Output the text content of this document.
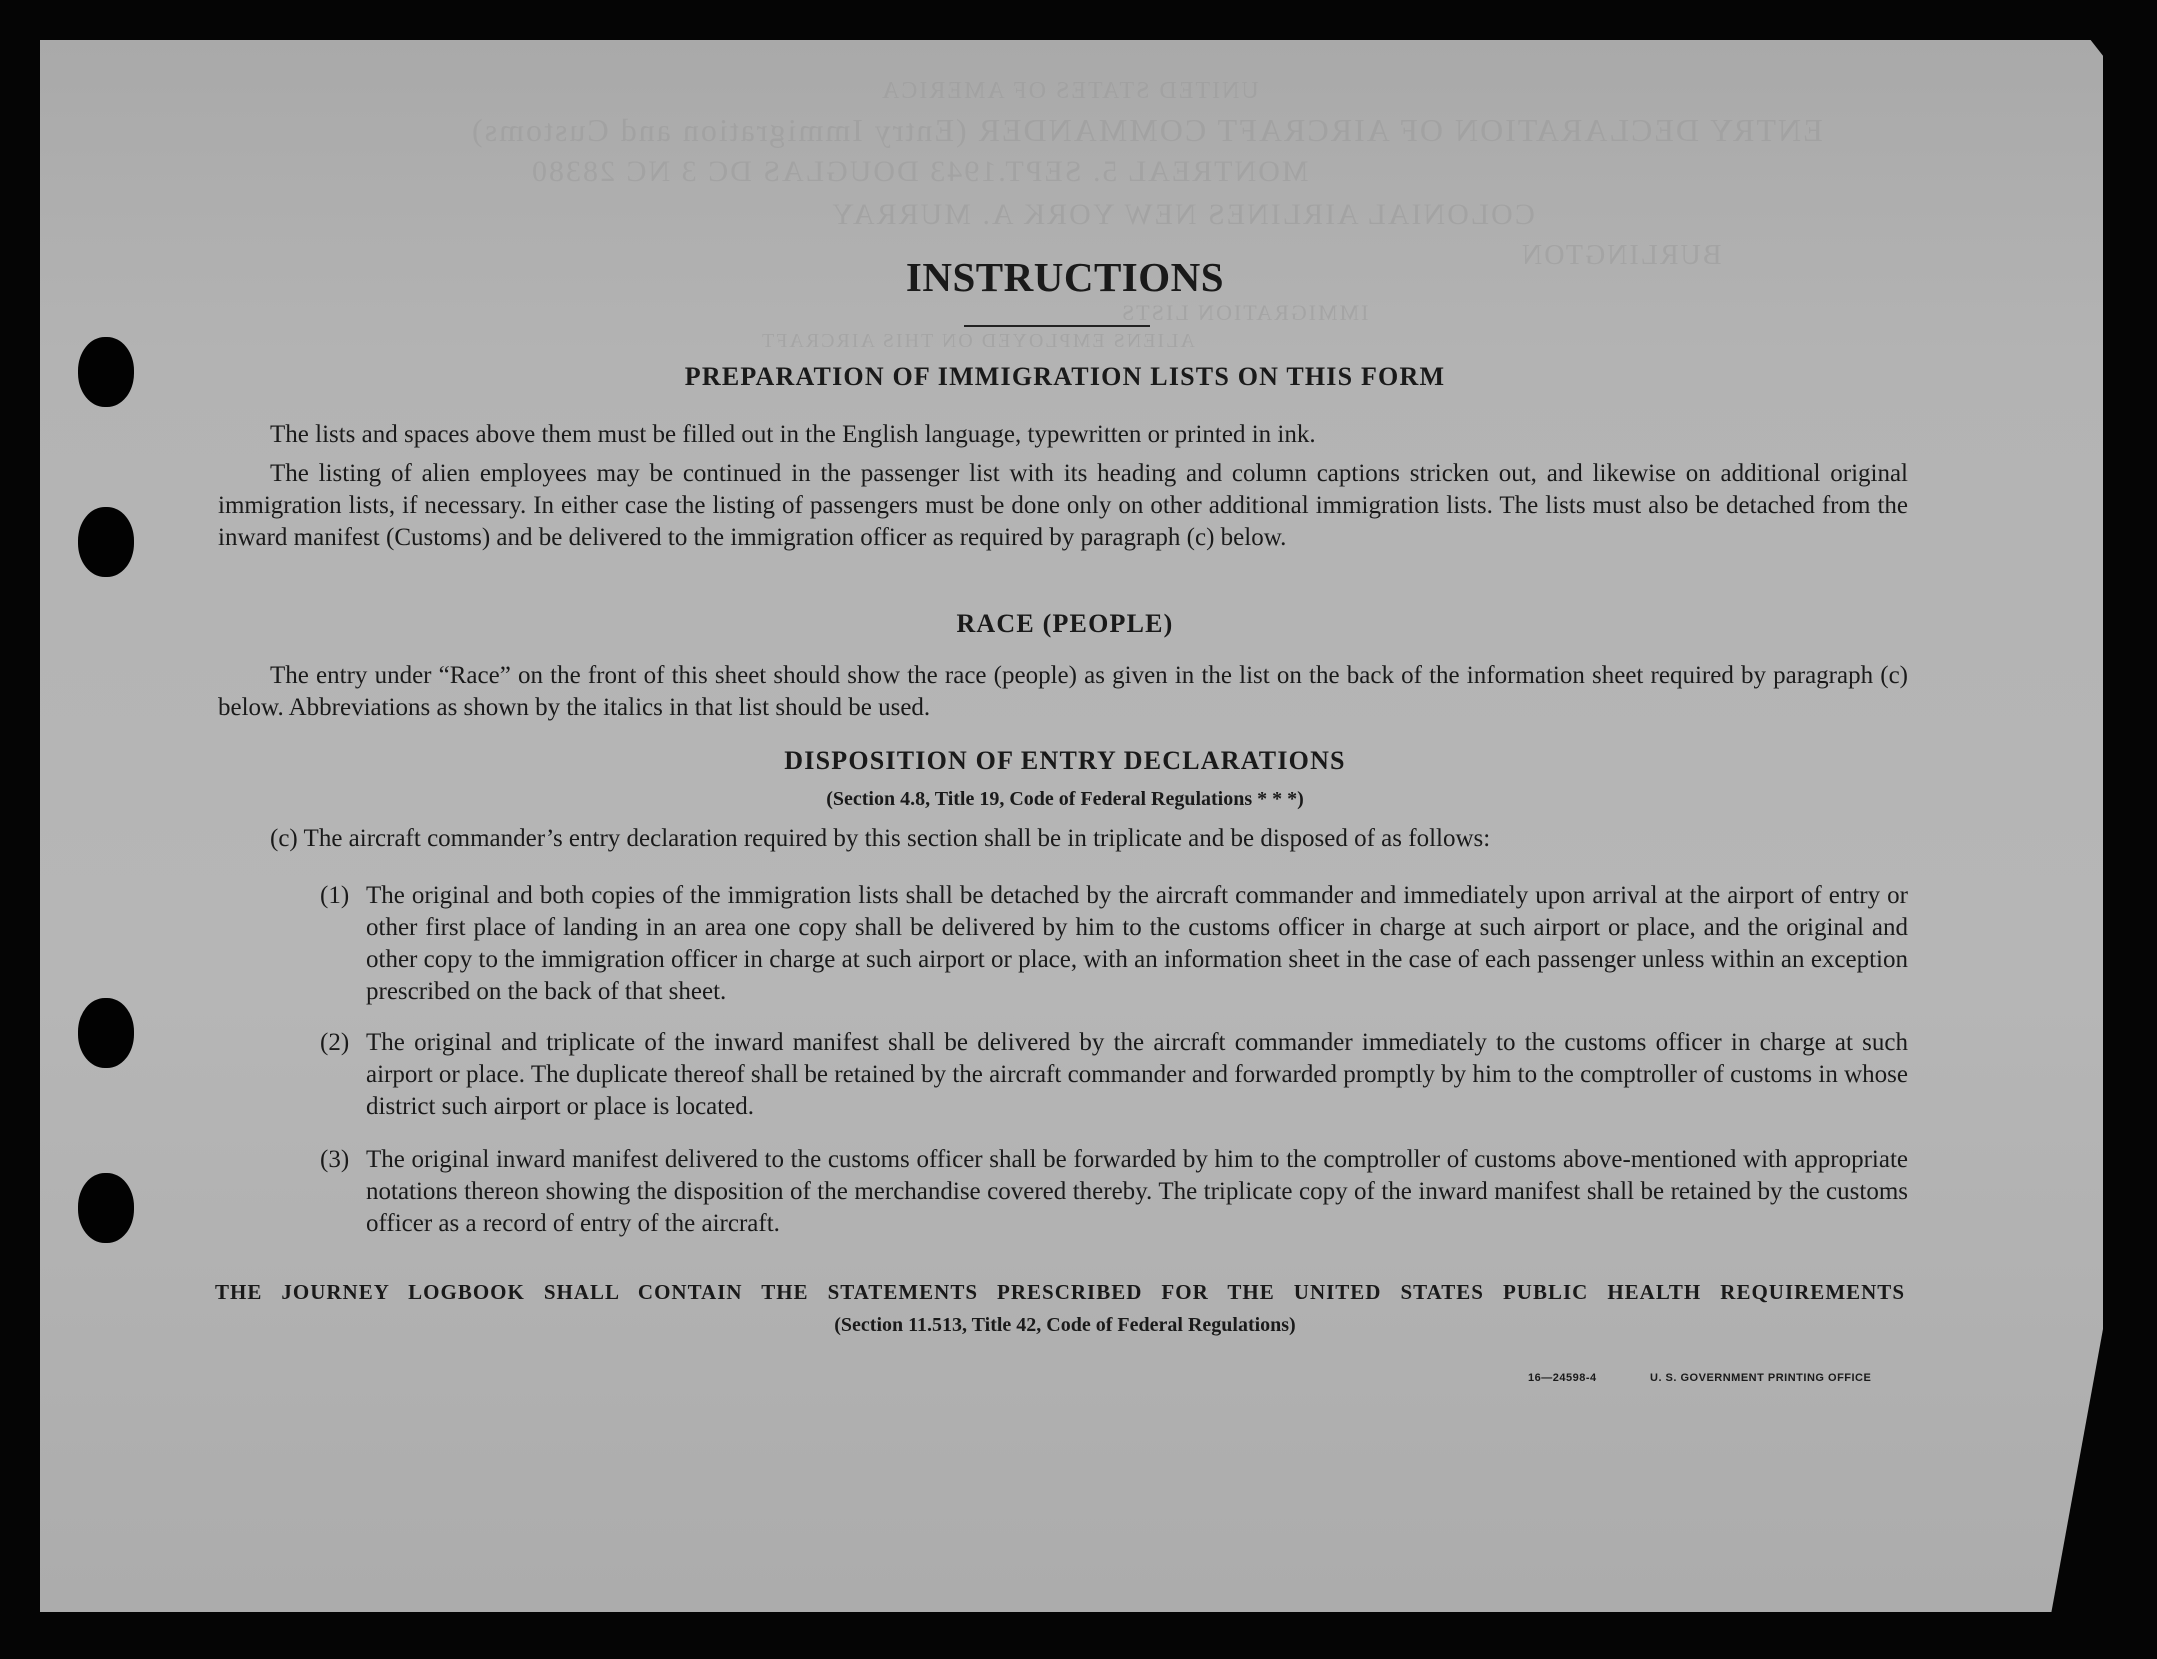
UNITED STATES OF AMERICA
ENTRY DECLARATION OF AIRCRAFT COMMANDER (Entry Immigration and Customs)
MONTREAL 5. SEPT.1943 DOUGLAS DC 3 NC 28380
COLONIAL AIRLINES NEW YORK A. MURRAY
BURLINGTON
IMMIGRATION LISTS
ALIENS EMPLOYED ON THIS AIRCRAFT
INSTRUCTIONS
PREPARATION OF IMMIGRATION LISTS ON THIS FORM
The lists and spaces above them must be filled out in the English language, typewritten or printed in ink.
The listing of alien employees may be continued in the passenger list with its heading and column captions stricken out, and likewise on additional original immigration lists, if necessary. In either case the listing of passengers must be done only on other additional immigration lists. The lists must also be detached from the inward manifest (Customs) and be delivered to the immigration officer as required by paragraph (c) below.
RACE (PEOPLE)
The entry under “Race” on the front of this sheet should show the race (people) as given in the list on the back of the information sheet required by paragraph (c) below. Abbreviations as shown by the italics in that list should be used.
DISPOSITION OF ENTRY DECLARATIONS
(Section 4.8, Title 19, Code of Federal Regulations * * *)
(c) The aircraft commander’s entry declaration required by this section shall be in triplicate and be disposed of as follows:
(1) The original and both copies of the immigration lists shall be detached by the aircraft commander and immediately upon arrival at the airport of entry or other first place of landing in an area one copy shall be delivered by him to the customs officer in charge at such airport or place, and the original and other copy to the immigration officer in charge at such airport or place, with an information sheet in the case of each passenger unless within an exception prescribed on the back of that sheet.
(2) The original and triplicate of the inward manifest shall be delivered by the aircraft commander immediately to the customs officer in charge at such airport or place. The duplicate thereof shall be retained by the aircraft commander and forwarded promptly by him to the comptroller of customs in whose district such airport or place is located.
(3) The original inward manifest delivered to the customs officer shall be forwarded by him to the comptroller of customs above-mentioned with appropriate notations thereon showing the disposition of the merchandise covered thereby. The triplicate copy of the inward manifest shall be retained by the customs officer as a record of entry of the aircraft.
THE JOURNEY LOGBOOK SHALL CONTAIN THE STATEMENTS PRESCRIBED FOR THE UNITED STATES PUBLIC HEALTH REQUIREMENTS
(Section 11.513, Title 42, Code of Federal Regulations)
16—24598-4	U. S. GOVERNMENT PRINTING OFFICE
